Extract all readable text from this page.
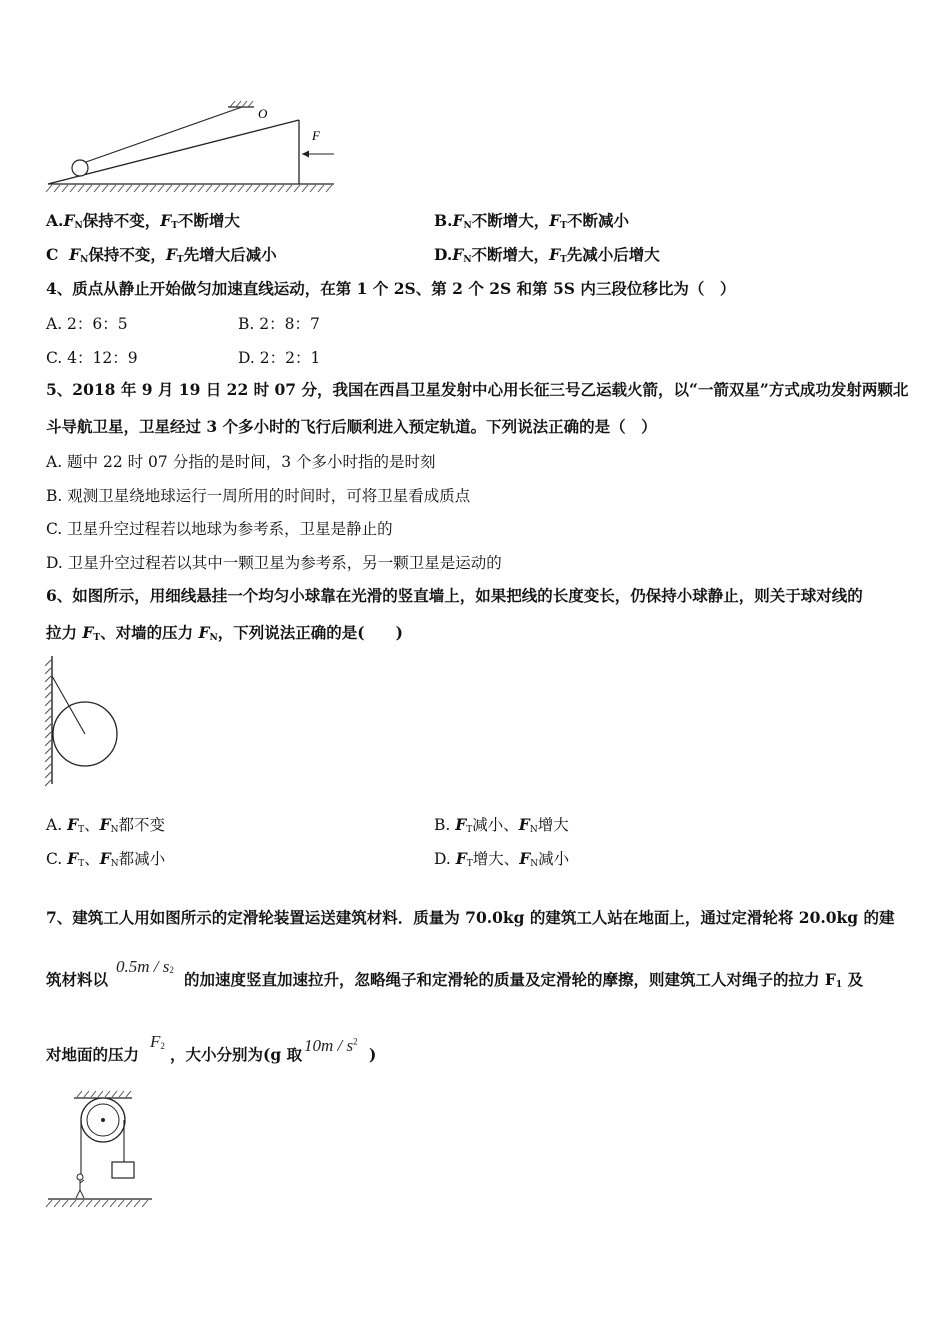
O
F
$A.F_N$保持不变，$F_T$不断增大	$B.F_N$不断增大，$F_T$不断减小
C $F_N$保持不变，$F_T$先增大后减小	$D.F_N$不断增大，$F_T$先减小后增大
4、质点从静止开始做匀加速直线运动，在第 1 个 2S、第 2 个 2S 和第 5S 内三段位移比为（　）
A. 2：6：5	B. 2：8：7
C. 4：12：9	D. 2：2：1
5、2018 年 9 月 19 日 22 时 07 分，我国在西昌卫星发射中心用长征三号乙运载火箭，以“一箭双星”方式成功发射两颗北
斗导航卫星，卫星经过 3 个多小时的飞行后顺利进入预定轨道。下列说法正确的是（　）
A. 题中 22 时 07 分指的是时间，3 个多小时指的是时刻
B. 观测卫星绕地球运行一周所用的时间时，可将卫星看成质点
C. 卫星升空过程若以地球为参考系，卫星是静止的
D. 卫星升空过程若以其中一颗卫星为参考系，另一颗卫星是运动的
6、如图所示，用细线悬挂一个均匀小球靠在光滑的竖直墙上，如果把线的长度变长，仍保持小球静止，则关于球对线的
拉力 $F_T$、对墙的压力 $F_N$，下列说法正确的是(　　)
A. $F_T$、$F_N$都不变	B. $F_T$减小、$F_N$增大
C. $F_T$、$F_N$都减小	D. $F_T$增大、$F_N$减小
7、建筑工人用如图所示的定滑轮装置运送建筑材料．质量为 70.0kg 的建筑工人站在地面上，通过定滑轮将 20.0kg 的建
$0.5m / s^2$
筑材料以	的加速度竖直加速拉升，忽略绳子和定滑轮的质量及定滑轮的摩擦，则建筑工人对绳子的拉力 $F_1$ 及
对地面的压力
$F_2$ ，大小分别为(g 取 $10m / s^2$
)
